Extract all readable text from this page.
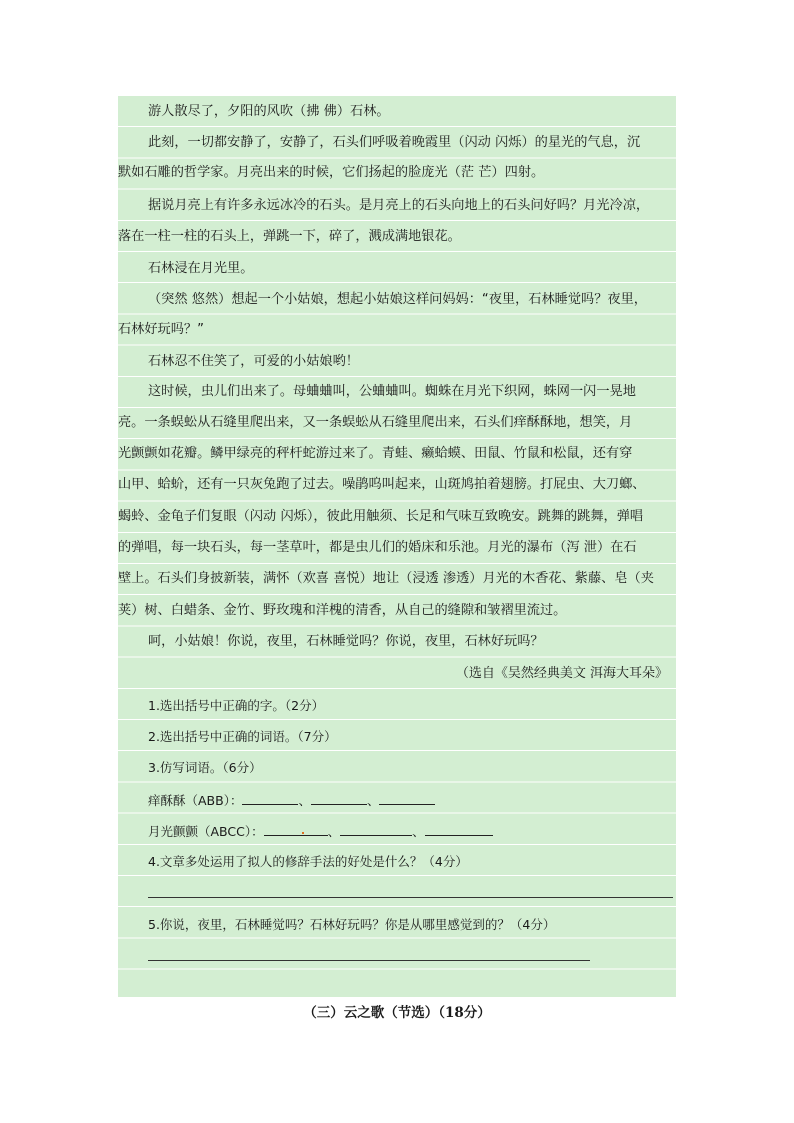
游人散尽了，夕阳的风吹（拂 佛）石林。
此刻，一切都安静了，安静了，石头们呼吸着晚霞里（闪动 闪烁）的星光的气息，沉
默如石雕的哲学家。月亮出来的时候，它们扬起的脸庞光（茫 芒）四射。
据说月亮上有许多永远冰冷的石头。是月亮上的石头向地上的石头问好吗？月光冷凉，
落在一柱一柱的石头上，弹跳一下，碎了，溅成满地银花。
石林浸在月光里。
（突然 悠然）想起一个小姑娘，想起小姑娘这样问妈妈：“夜里，石林睡觉吗？夜里，
石林好玩吗？”
石林忍不住笑了，可爱的小姑娘哟！
这时候，虫儿们出来了。母蛐蛐叫，公蛐蛐叫。蜘蛛在月光下织网，蛛网一闪一晃地
亮。一条蜈蚣从石缝里爬出来，又一条蜈蚣从石缝里爬出来，石头们痒酥酥地，想笑，月
光颤颤如花瓣。鳞甲绿亮的秤杆蛇游过来了。青蛙、癞蛤蟆、田鼠、竹鼠和松鼠，还有穿
山甲、蛤蚧，还有一只灰兔跑了过去。噪鹃呜叫起来，山斑鸠拍着翅膀。打屁虫、大刀螂、
蝎蛉、金龟子们复眼（闪动 闪烁），彼此用触须、长足和气味互致晚安。跳舞的跳舞，弹唱
的弹唱，每一块石头，每一茎草叶，都是虫儿们的婚床和乐池。月光的瀑布（泻 泄）在石
壁上。石头们身披新装，满怀（欢喜 喜悦）地让（浸透 渗透）月光的木香花、紫藤、皂（夹
荚）树、白蜡条、金竹、野玫瑰和洋槐的清香，从自己的缝隙和皱褶里流过。
呵，小姑娘！你说，夜里，石林睡觉吗？你说，夜里，石林好玩吗？
（选自《吴然经典美文 洱海大耳朵》
1.选出括号中正确的字。（2分）
2.选出括号中正确的词语。（7分）
3.仿写词语。（6分）
痒酥酥（ABB）：	、	、
月光颤颤（ABCC）：	、	、
4.文章多处运用了拟人的修辞手法的好处是什么？（4分）
5.你说，夜里，石林睡觉吗？石林好玩吗？你是从哪里感觉到的？（4分）
（三）云之歌（节选）（18分）
